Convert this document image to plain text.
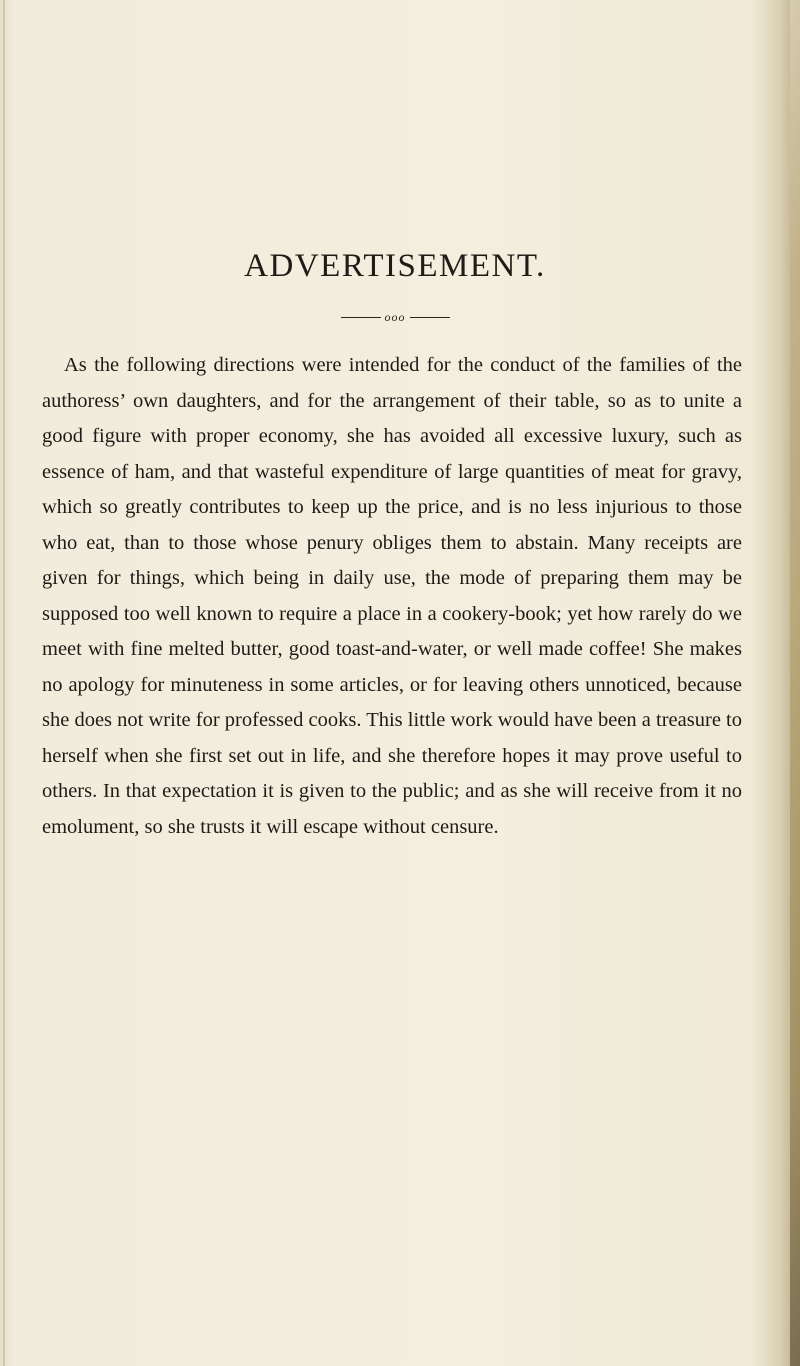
ADVERTISEMENT.
ooo

As the following directions were intended for the conduct of the families of the authoress’ own daughters, and for the arrangement of their table, so as to unite a good figure with proper economy, she has avoided all excessive luxury, such as essence of ham, and that wasteful expenditure of large quantities of meat for gravy, which so greatly contributes to keep up the price, and is no less injurious to those who eat, than to those whose penury obliges them to abstain. Many receipts are given for things, which being in daily use, the mode of preparing them may be supposed too well known to require a place in a cookery-book; yet how rarely do we meet with fine melted butter, good toast-and-water, or well made coffee! She makes no apology for minuteness in some articles, or for leaving others unnoticed, because she does not write for professed cooks. This little work would have been a treasure to herself when she first set out in life, and she therefore hopes it may prove useful to others. In that expectation it is given to the public; and as she will receive from it no emolument, so she trusts it will escape without censure.
